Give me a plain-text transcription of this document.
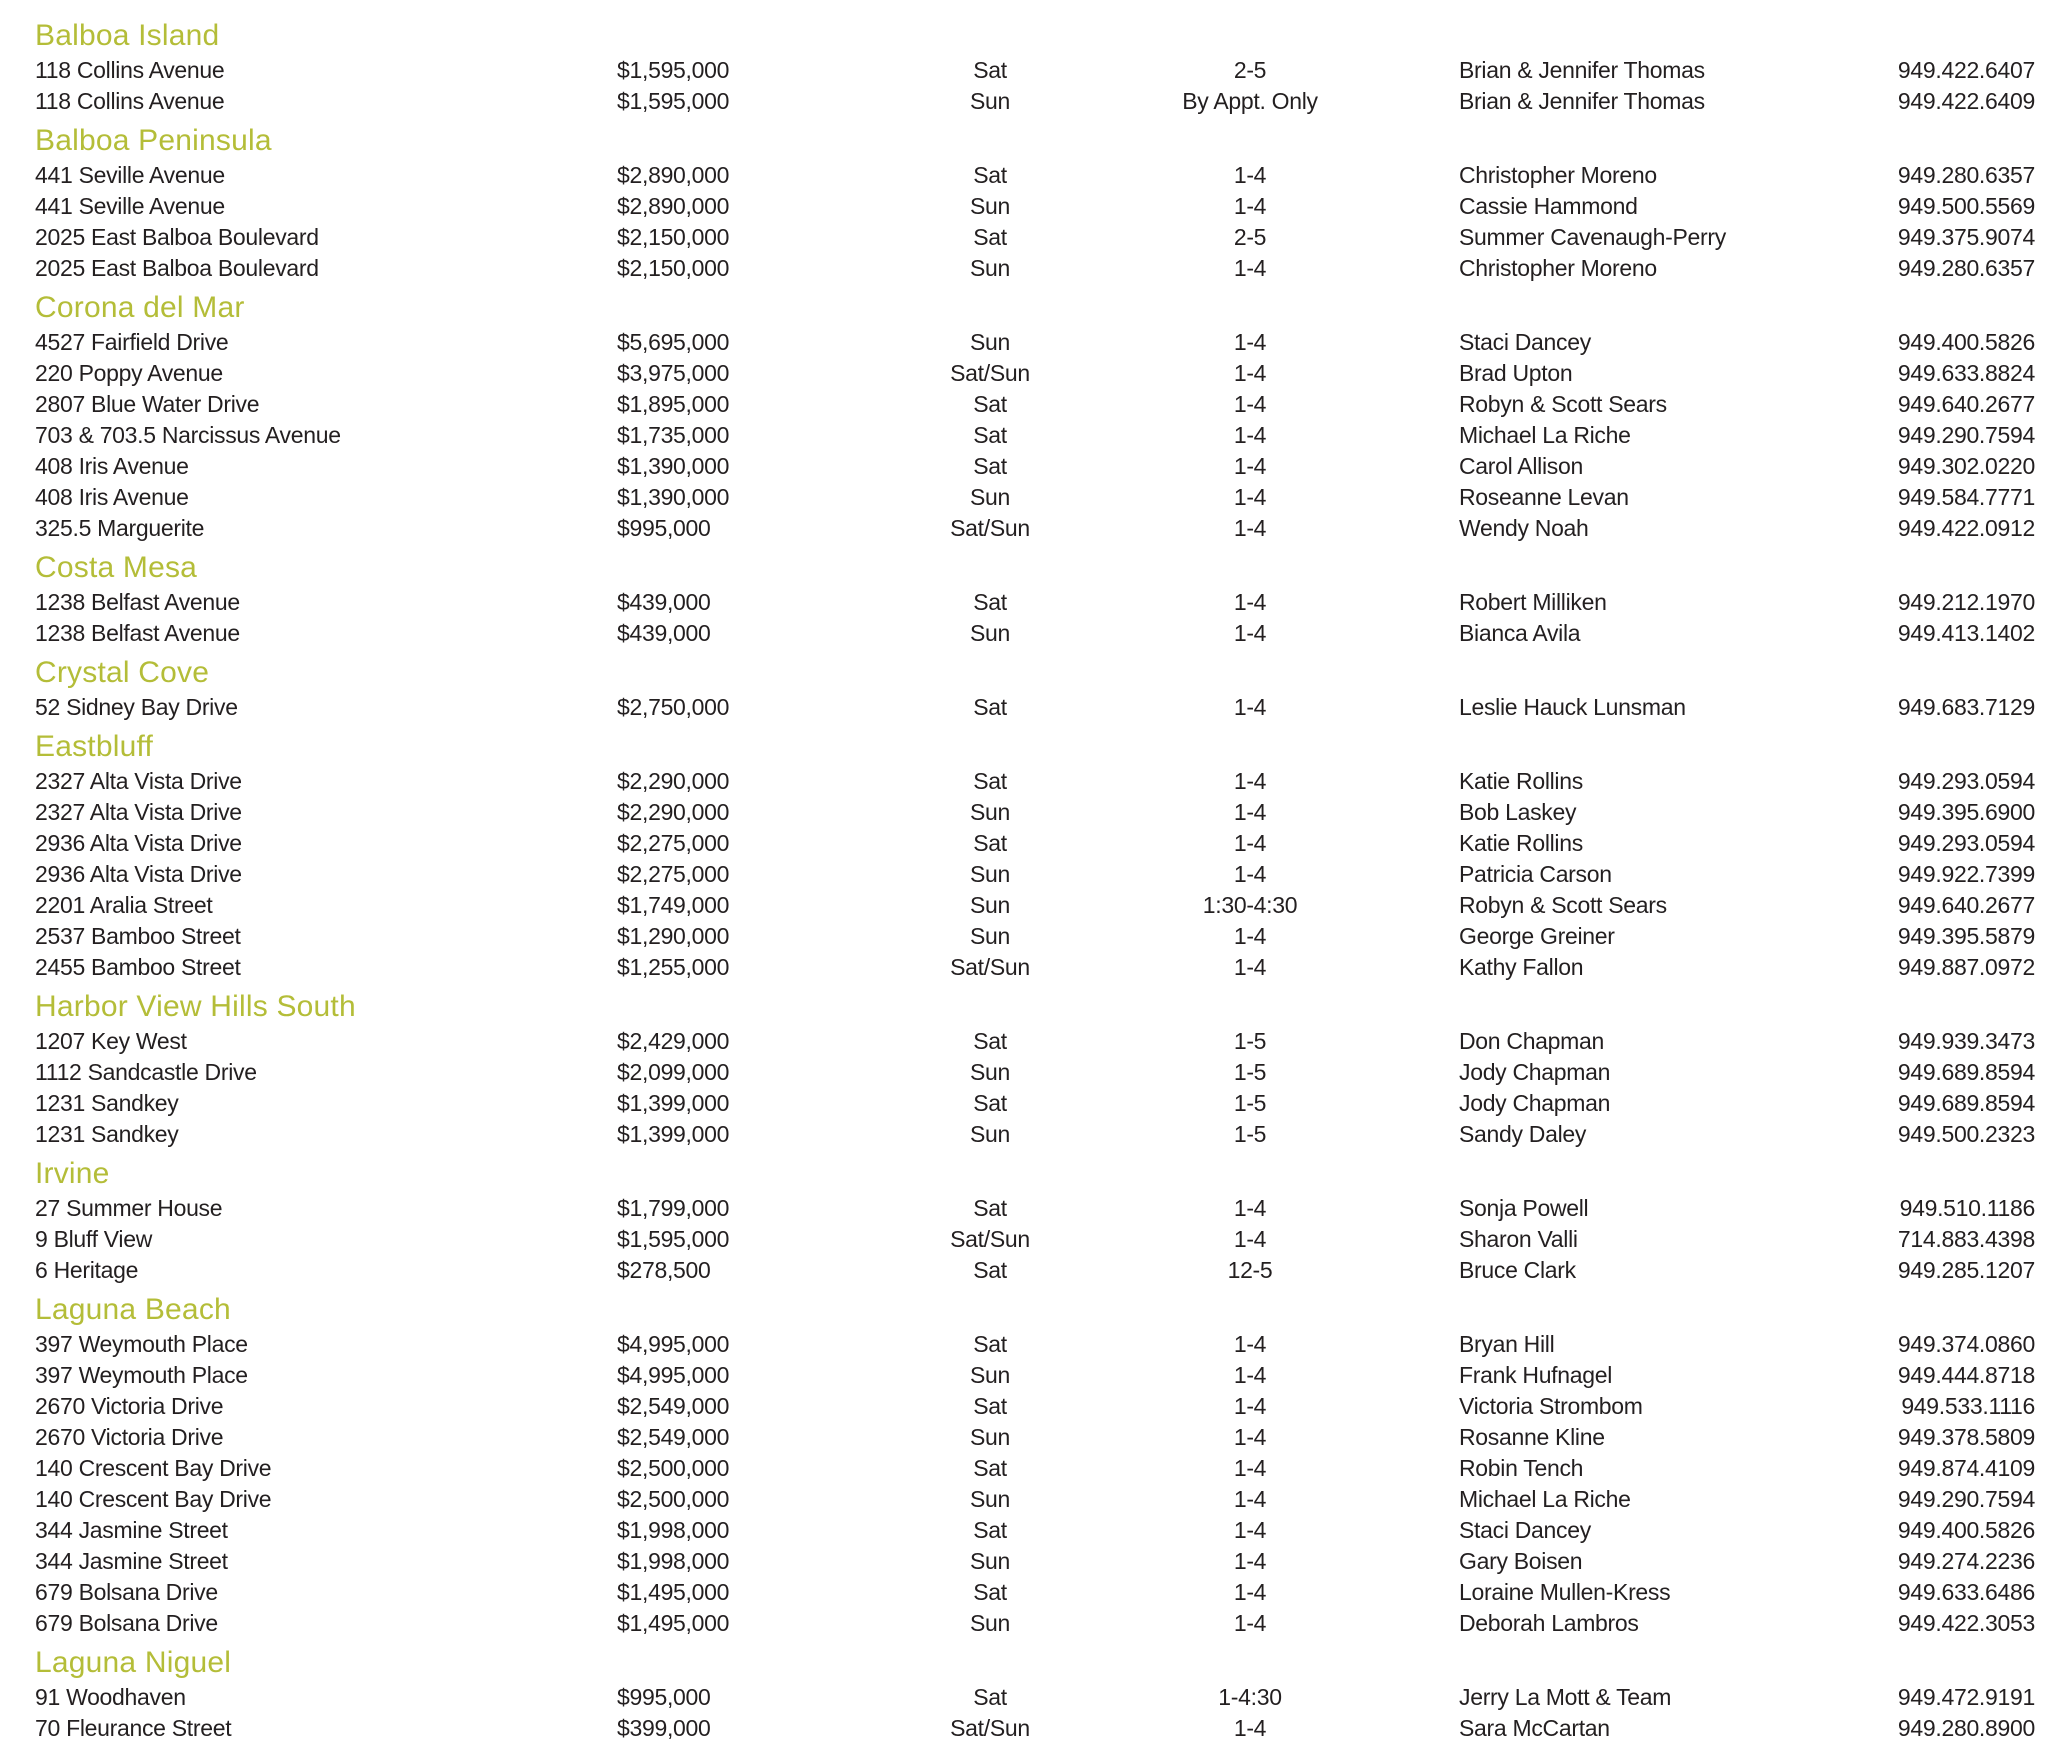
Balboa Island
118 Collins Avenue	$1,595,000	Sat	2-5	Brian & Jennifer Thomas	949.422.6407
118 Collins Avenue	$1,595,000	Sun	By Appt. Only	Brian & Jennifer Thomas	949.422.6409
Balboa Peninsula
441 Seville Avenue	$2,890,000	Sat	1-4	Christopher Moreno	949.280.6357
441 Seville Avenue	$2,890,000	Sun	1-4	Cassie Hammond	949.500.5569
2025 East Balboa Boulevard	$2,150,000	Sat	2-5	Summer Cavenaugh-Perry	949.375.9074
2025 East Balboa Boulevard	$2,150,000	Sun	1-4	Christopher Moreno	949.280.6357
Corona del Mar
4527 Fairfield Drive	$5,695,000	Sun	1-4	Staci Dancey	949.400.5826
220 Poppy Avenue	$3,975,000	Sat/Sun	1-4	Brad Upton	949.633.8824
2807 Blue Water Drive	$1,895,000	Sat	1-4	Robyn & Scott Sears	949.640.2677
703 & 703.5 Narcissus Avenue	$1,735,000	Sat	1-4	Michael La Riche	949.290.7594
408 Iris Avenue	$1,390,000	Sat	1-4	Carol Allison	949.302.0220
408 Iris Avenue	$1,390,000	Sun	1-4	Roseanne Levan	949.584.7771
325.5 Marguerite	$995,000	Sat/Sun	1-4	Wendy Noah	949.422.0912
Costa Mesa
1238 Belfast Avenue	$439,000	Sat	1-4	Robert Milliken	949.212.1970
1238 Belfast Avenue	$439,000	Sun	1-4	Bianca Avila	949.413.1402
Crystal Cove
52 Sidney Bay Drive	$2,750,000	Sat	1-4	Leslie Hauck Lunsman	949.683.7129
Eastbluff
2327 Alta Vista Drive	$2,290,000	Sat	1-4	Katie Rollins	949.293.0594
2327 Alta Vista Drive	$2,290,000	Sun	1-4	Bob Laskey	949.395.6900
2936 Alta Vista Drive	$2,275,000	Sat	1-4	Katie Rollins	949.293.0594
2936 Alta Vista Drive	$2,275,000	Sun	1-4	Patricia Carson	949.922.7399
2201 Aralia Street	$1,749,000	Sun	1:30-4:30	Robyn & Scott Sears	949.640.2677
2537 Bamboo Street	$1,290,000	Sun	1-4	George Greiner	949.395.5879
2455 Bamboo Street	$1,255,000	Sat/Sun	1-4	Kathy Fallon	949.887.0972
Harbor View Hills South
1207 Key West	$2,429,000	Sat	1-5	Don Chapman	949.939.3473
1112 Sandcastle Drive	$2,099,000	Sun	1-5	Jody Chapman	949.689.8594
1231 Sandkey	$1,399,000	Sat	1-5	Jody Chapman	949.689.8594
1231 Sandkey	$1,399,000	Sun	1-5	Sandy Daley	949.500.2323
Irvine
27 Summer House	$1,799,000	Sat	1-4	Sonja Powell	949.510.1186
9 Bluff View	$1,595,000	Sat/Sun	1-4	Sharon Valli	714.883.4398
6 Heritage	$278,500	Sat	12-5	Bruce Clark	949.285.1207
Laguna Beach
397 Weymouth Place	$4,995,000	Sat	1-4	Bryan Hill	949.374.0860
397 Weymouth Place	$4,995,000	Sun	1-4	Frank Hufnagel	949.444.8718
2670 Victoria Drive	$2,549,000	Sat	1-4	Victoria Strombom	949.533.1116
2670 Victoria Drive	$2,549,000	Sun	1-4	Rosanne Kline	949.378.5809
140 Crescent Bay Drive	$2,500,000	Sat	1-4	Robin Tench	949.874.4109
140 Crescent Bay Drive	$2,500,000	Sun	1-4	Michael La Riche	949.290.7594
344 Jasmine Street	$1,998,000	Sat	1-4	Staci Dancey	949.400.5826
344 Jasmine Street	$1,998,000	Sun	1-4	Gary Boisen	949.274.2236
679 Bolsana Drive	$1,495,000	Sat	1-4	Loraine Mullen-Kress	949.633.6486
679 Bolsana Drive	$1,495,000	Sun	1-4	Deborah Lambros	949.422.3053
Laguna Niguel
91 Woodhaven	$995,000	Sat	1-4:30	Jerry La Mott & Team	949.472.9191
70 Fleurance Street	$399,000	Sat/Sun	1-4	Sara McCartan	949.280.8900
